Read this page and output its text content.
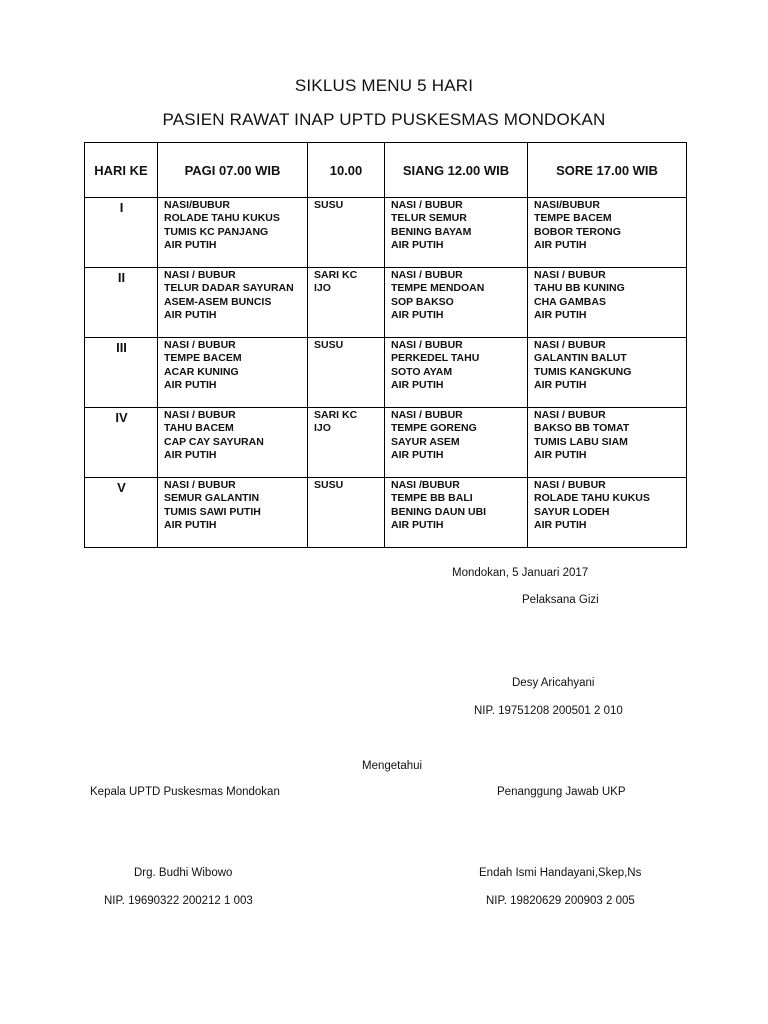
SIKLUS MENU 5 HARI
PASIEN RAWAT INAP UPTD PUSKESMAS MONDOKAN
HARI KE	PAGI 07.00 WIB	10.00	SIANG 12.00 WIB	SORE 17.00 WIB
I	NASI/BUBUR
ROLADE TAHU KUKUS
TUMIS KC PANJANG
AIR PUTIH	SUSU	NASI / BUBUR
TELUR SEMUR
BENING BAYAM
AIR PUTIH	NASI/BUBUR
TEMPE BACEM
BOBOR TERONG
AIR PUTIH

II	NASI / BUBUR
TELUR DADAR SAYURAN
ASEM-ASEM BUNCIS
AIR PUTIH	SARI KC
IJO	NASI / BUBUR
TEMPE MENDOAN
SOP BAKSO
AIR PUTIH	NASI / BUBUR
TAHU BB KUNING
CHA GAMBAS
AIR PUTIH

III	NASI / BUBUR
TEMPE BACEM
ACAR KUNING
AIR PUTIH	SUSU	NASI / BUBUR
PERKEDEL TAHU
SOTO AYAM
AIR PUTIH	NASI / BUBUR
GALANTIN BALUT
TUMIS KANGKUNG
AIR PUTIH

IV	NASI / BUBUR
TAHU BACEM
CAP CAY SAYURAN
AIR PUTIH	SARI KC
IJO	NASI / BUBUR
TEMPE GORENG
SAYUR ASEM
AIR PUTIH	NASI / BUBUR
BAKSO BB TOMAT
TUMIS LABU SIAM
AIR PUTIH

V	NASI / BUBUR
SEMUR GALANTIN
TUMIS SAWI PUTIH
AIR PUTIH	SUSU	NASI /BUBUR
TEMPE BB BALI
BENING DAUN UBI
AIR PUTIH	NASI / BUBUR
ROLADE TAHU KUKUS
SAYUR LODEH
AIR PUTIH
Mondokan, 5 Januari 2017
Pelaksana Gizi
Desy Aricahyani
NIP. 19751208 200501 2 010
Mengetahui
Kepala UPTD Puskesmas Mondokan	Penanggung Jawab UKP
Drg. Budhi Wibowo	Endah Ismi Handayani,Skep,Ns
NIP. 19690322 200212 1 003	NIP. 19820629 200903 2 005
